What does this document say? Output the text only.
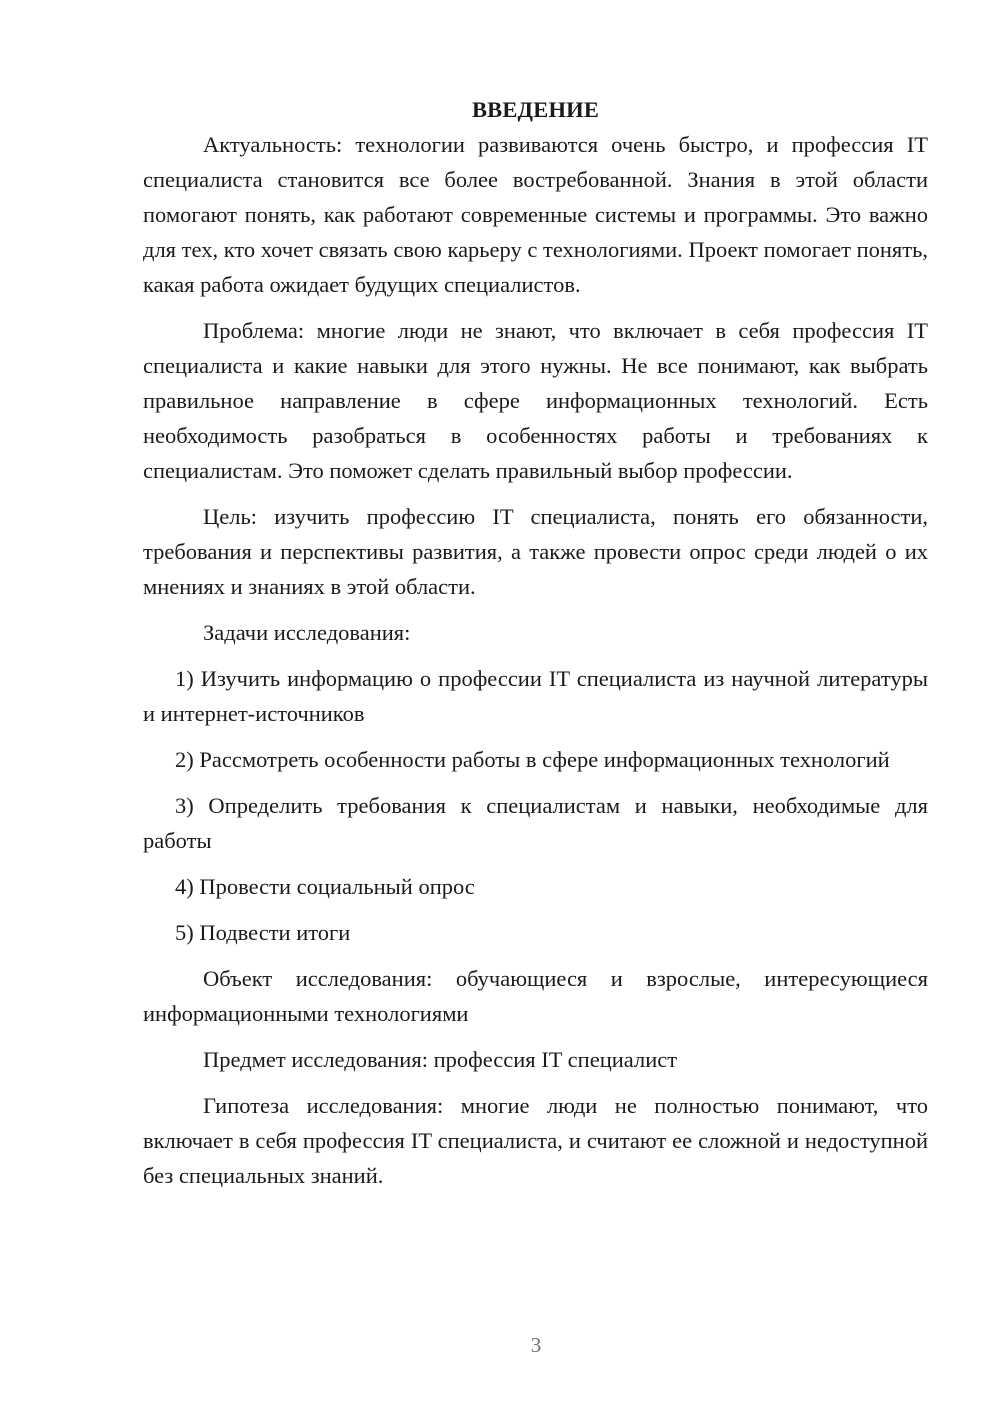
ВВЕДЕНИЕ

Актуальность: технологии развиваются очень быстро, и профессия IT специалиста становится все более востребованной. Знания в этой области помогают понять, как работают современные системы и программы. Это важно для тех, кто хочет связать свою карьеру с технологиями. Проект помогает понять, какая работа ожидает будущих специалистов.

Проблема: многие люди не знают, что включает в себя профессия IT специалиста и какие навыки для этого нужны. Не все понимают, как выбрать правильное направление в сфере информационных технологий. Есть необходимость разобраться в особенностях работы и требованиях к специалистам. Это поможет сделать правильный выбор профессии.

Цель: изучить профессию IT специалиста, понять его обязанности, требования и перспективы развития, а также провести опрос среди людей о их мнениях и знаниях в этой области.

Задачи исследования:

1) Изучить информацию о профессии IT специалиста из научной литературы и интернет-источников

2) Рассмотреть особенности работы в сфере информационных технологий

3) Определить требования к специалистам и навыки, необходимые для работы

4) Провести социальный опрос

5) Подвести итоги

Объект исследования: обучающиеся и взрослые, интересующиеся информационными технологиями

Предмет исследования: профессия IT специалист

Гипотеза исследования: многие люди не полностью понимают, что включает в себя профессия IT специалиста, и считают ее сложной и недоступной без специальных знаний.

3
